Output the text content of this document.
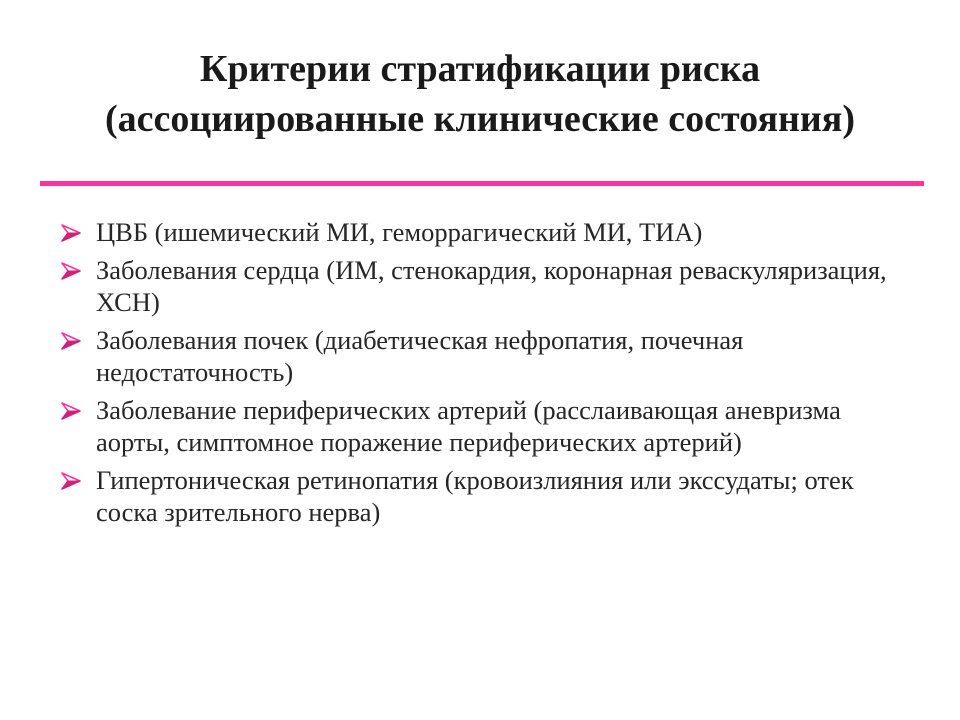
Критерии стратификации риска
(ассоциированные клинические состояния)
ЦВБ (ишемический МИ, геморрагический МИ, ТИА)
Заболевания сердца (ИМ, стенокардия, коронарная реваскуляризация, ХСН)
Заболевания почек (диабетическая нефропатия, почечная недостаточность)
Заболевание периферических артерий (расслаивающая аневризма аорты, симптомное поражение периферических артерий)
Гипертоническая ретинопатия (кровоизлияния или экссудаты; отек соска зрительного нерва)
